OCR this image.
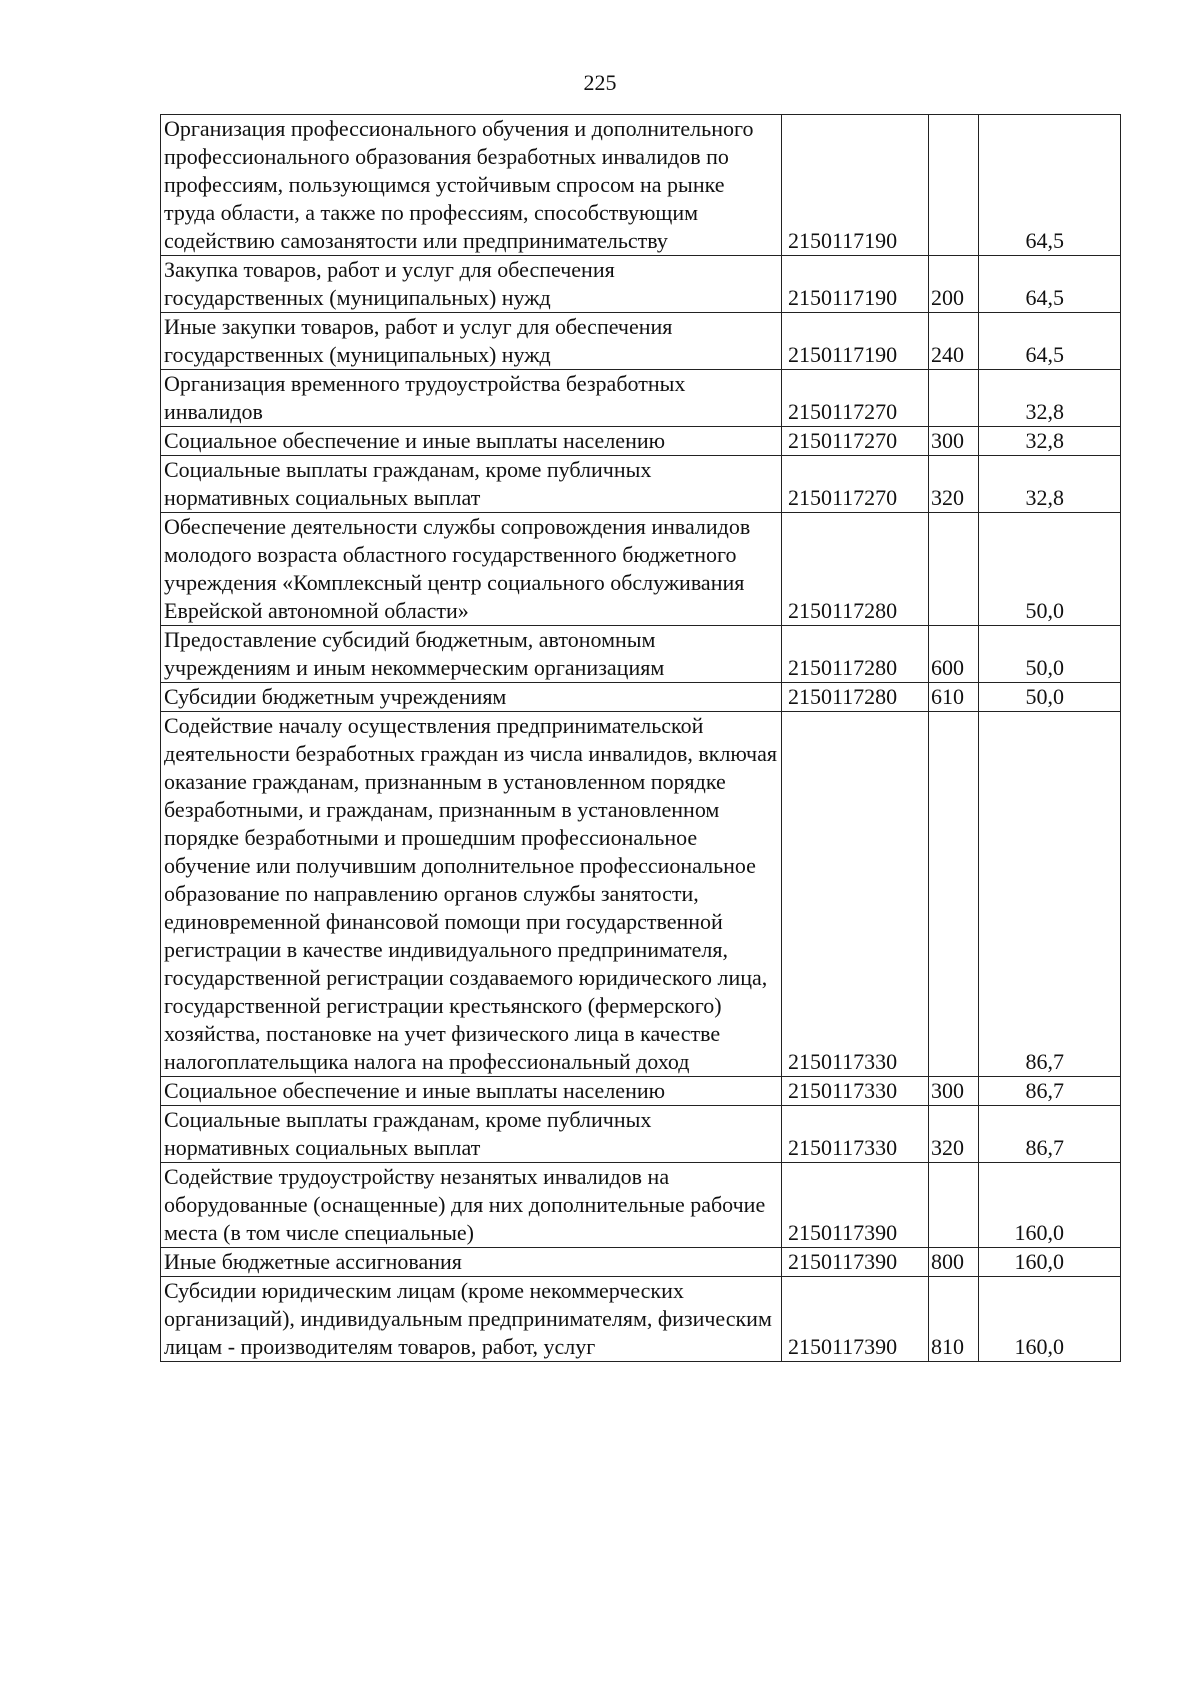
225
Организация профессионального обучения и дополнительного профессионального образования безработных инвалидов по профессиям, пользующимся устойчивым спросом на рынке труда области, а также по профессиям, способствующим содействию самозанятости или предпринимательству	2150117190		64,5
Закупка товаров, работ и услуг для обеспечения государственных (муниципальных) нужд	2150117190	200	64,5
Иные закупки товаров, работ и услуг для обеспечения государственных (муниципальных) нужд	2150117190	240	64,5
Организация временного трудоустройства безработных инвалидов	2150117270		32,8
Социальное обеспечение и иные выплаты населению	2150117270	300	32,8
Социальные выплаты гражданам, кроме публичных нормативных социальных выплат	2150117270	320	32,8
Обеспечение деятельности службы сопровождения инвалидов молодого возраста областного государственного бюджетного учреждения «Комплексный центр социального обслуживания Еврейской автономной области»	2150117280		50,0
Предоставление субсидий бюджетным, автономным учреждениям и иным некоммерческим организациям	2150117280	600	50,0
Субсидии бюджетным учреждениям	2150117280	610	50,0
Содействие началу осуществления предпринимательской деятельности безработных граждан из числа инвалидов, включая оказание гражданам, признанным в установленном порядке безработными, и гражданам, признанным в установленном порядке безработными и прошедшим профессиональное обучение или получившим дополнительное профессиональное образование по направлению органов службы занятости, единовременной финансовой помощи при государственной регистрации в качестве индивидуального предпринимателя, государственной регистрации создаваемого юридического лица, государственной регистрации крестьянского (фермерского) хозяйства, постановке на учет физического лица в качестве налогоплательщика налога на профессиональный доход	2150117330		86,7
Социальное обеспечение и иные выплаты населению	2150117330	300	86,7
Социальные выплаты гражданам, кроме публичных нормативных социальных выплат	2150117330	320	86,7
Содействие трудоустройству незанятых инвалидов на оборудованные (оснащенные) для них дополнительные рабочие места (в том числе специальные)	2150117390		160,0
Иные бюджетные ассигнования	2150117390	800	160,0
Субсидии юридическим лицам (кроме некоммерческих организаций), индивидуальным предпринимателям, физическим лицам - производителям товаров, работ, услуг	2150117390	810	160,0
